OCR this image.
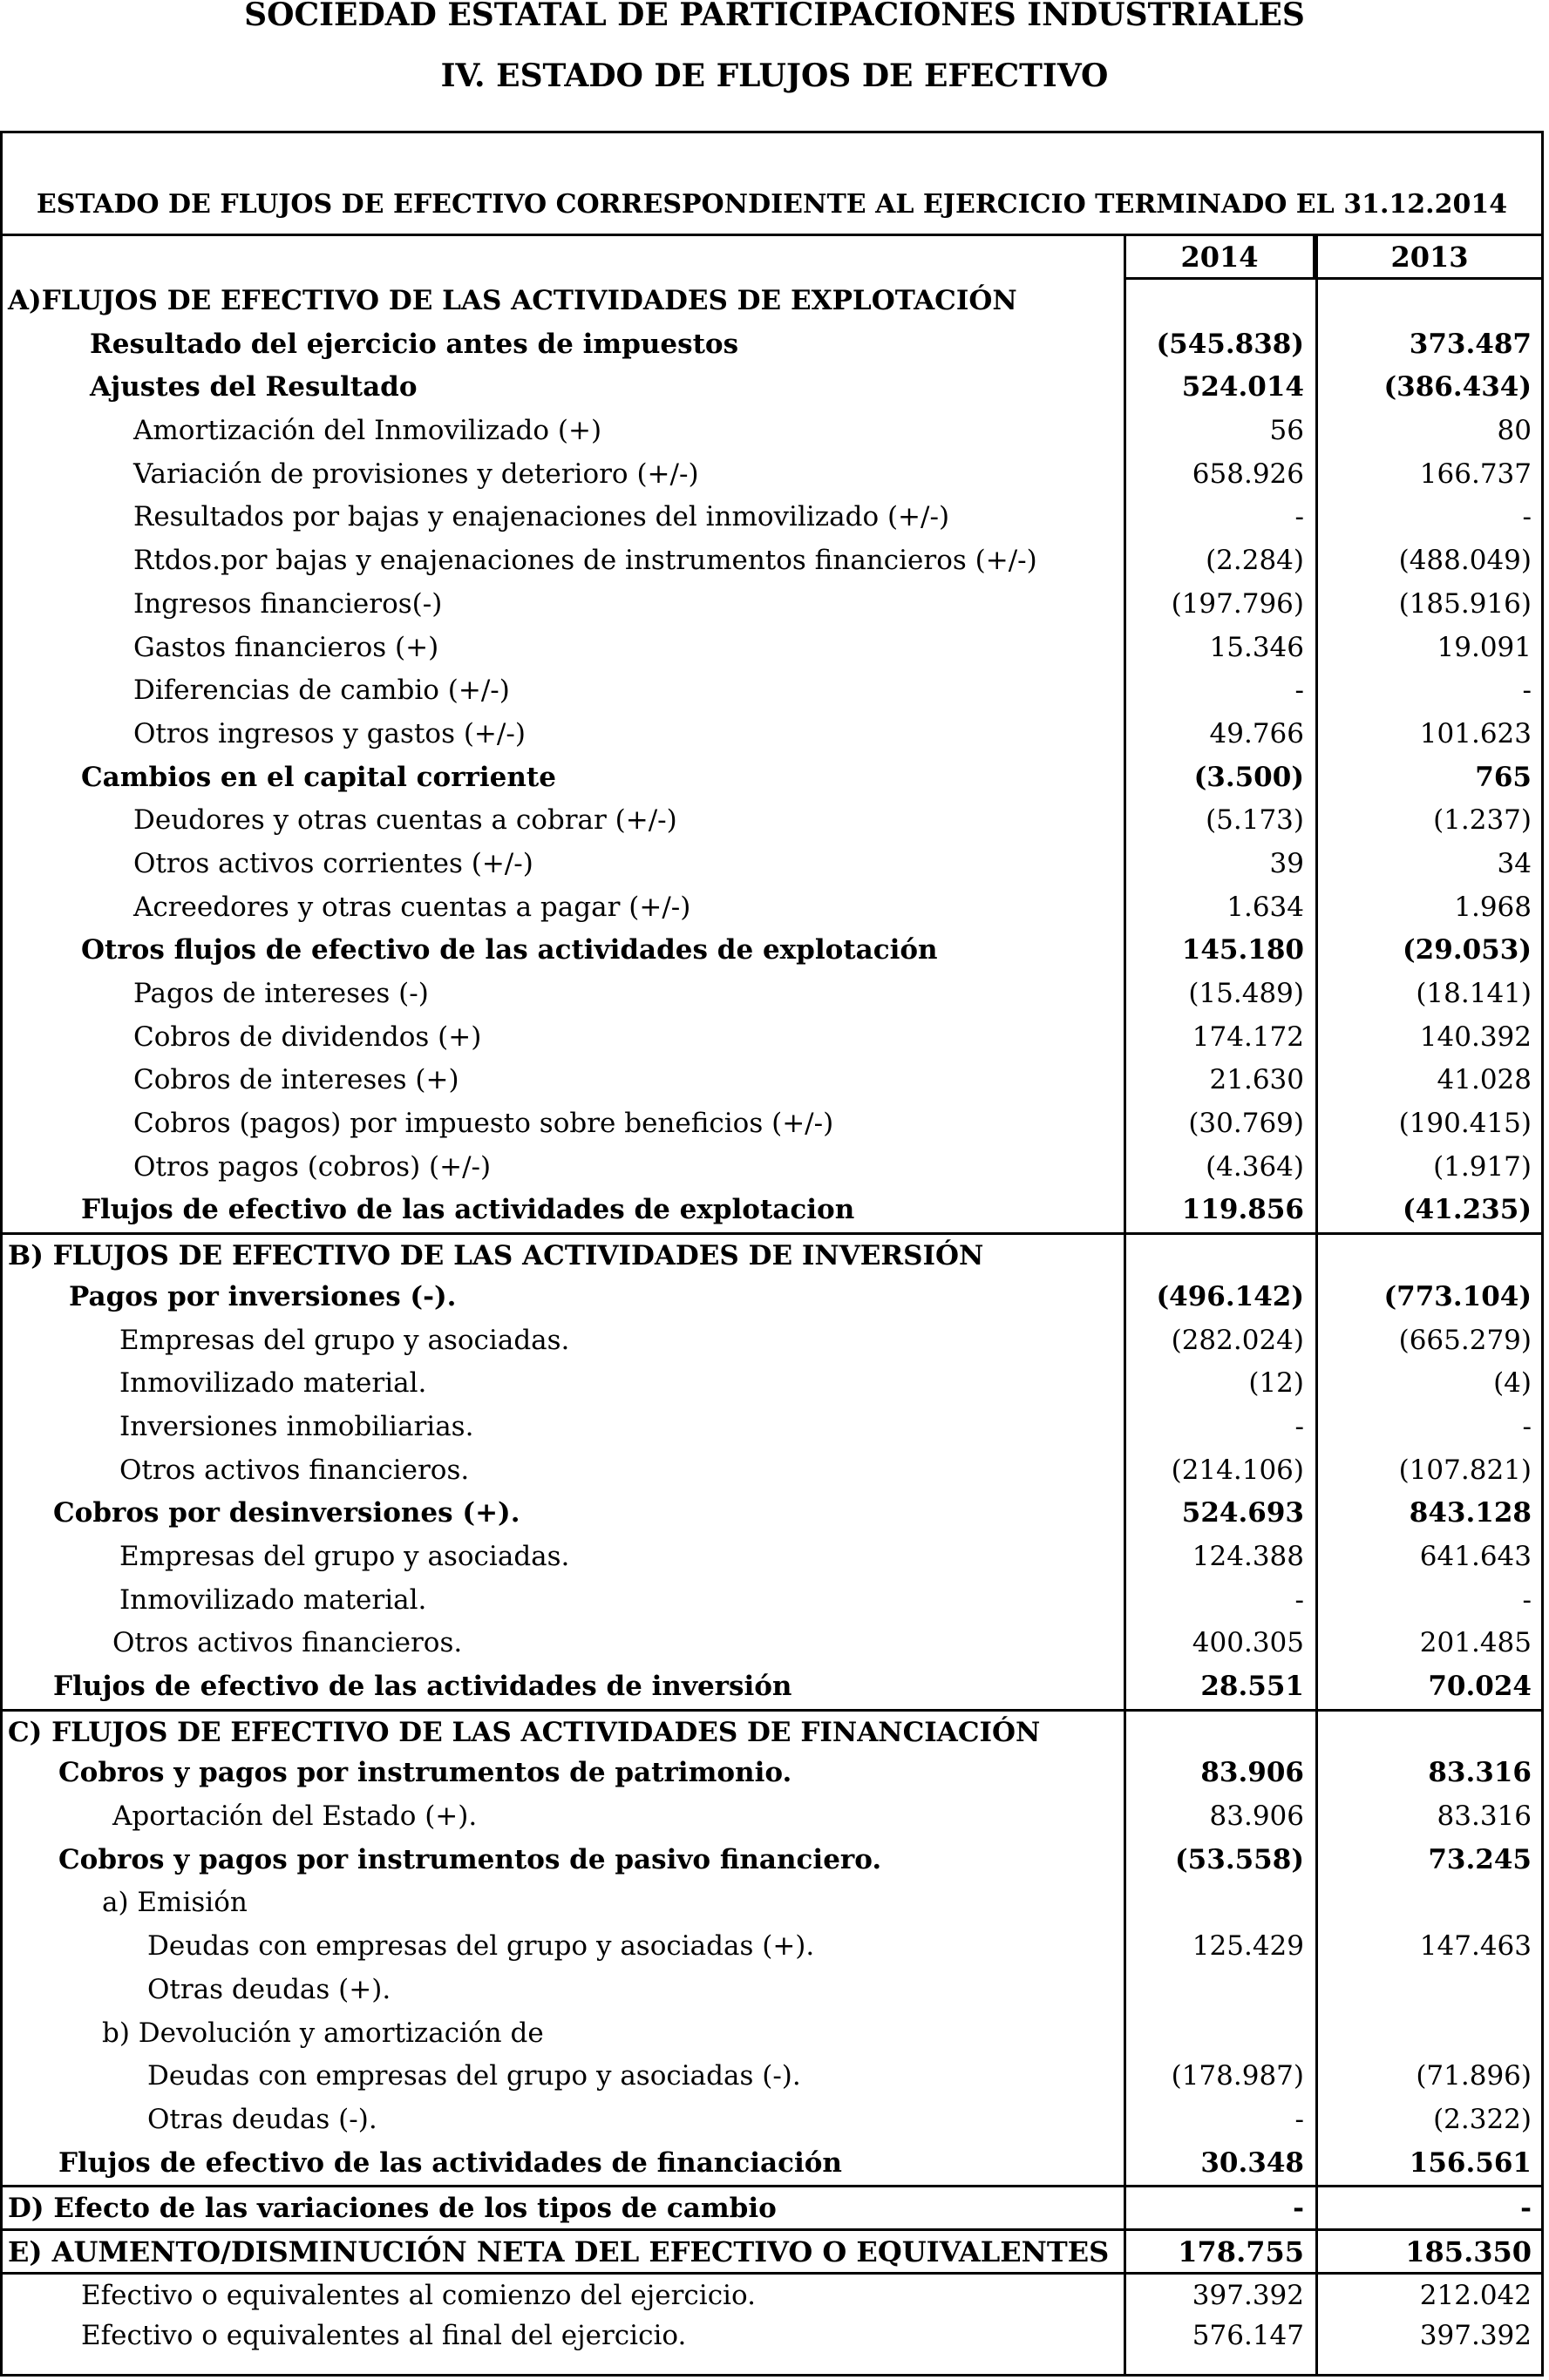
SOCIEDAD ESTATAL DE PARTICIPACIONES INDUSTRIALES
IV. ESTADO DE FLUJOS DE EFECTIVO
ESTADO DE FLUJOS DE EFECTIVO CORRESPONDIENTE AL EJERCICIO TERMINADO EL 31.12.2014
2014	2013
A)FLUJOS DE EFECTIVO DE LAS ACTIVIDADES DE EXPLOTACIÓN
Resultado del ejercicio antes de impuestos	(545.838)	373.487
Ajustes del Resultado	524.014	(386.434)
Amortización del Inmovilizado (+)	56	80
Variación de provisiones y deterioro (+/-)	658.926	166.737
Resultados por bajas y enajenaciones del inmovilizado (+/-)	-	-
Rtdos.por bajas y enajenaciones de instrumentos financieros (+/-)	(2.284)	(488.049)
Ingresos financieros(-)	(197.796)	(185.916)
Gastos financieros (+)	15.346	19.091
Diferencias de cambio (+/-)	-	-
Otros ingresos y gastos (+/-)	49.766	101.623
Cambios en el capital corriente	(3.500)	765
Deudores y otras cuentas a cobrar (+/-)	(5.173)	(1.237)
Otros activos corrientes (+/-)	39	34
Acreedores y otras cuentas a pagar (+/-)	1.634	1.968
Otros flujos de efectivo de las actividades de explotación	145.180	(29.053)
Pagos de intereses (-)	(15.489)	(18.141)
Cobros de dividendos (+)	174.172	140.392
Cobros de intereses (+)	21.630	41.028
Cobros (pagos) por impuesto sobre beneficios (+/-)	(30.769)	(190.415)
Otros pagos (cobros) (+/-)	(4.364)	(1.917)
Flujos de efectivo de las actividades de explotacion	119.856	(41.235)
B) FLUJOS DE EFECTIVO DE LAS ACTIVIDADES DE INVERSIÓN
Pagos por inversiones (-).	(496.142)	(773.104)
Empresas del grupo y asociadas.	(282.024)	(665.279)
Inmovilizado material.	(12)	(4)
Inversiones inmobiliarias.	-	-
Otros activos financieros.	(214.106)	(107.821)
Cobros por desinversiones (+).	524.693	843.128
Empresas del grupo y asociadas.	124.388	641.643
Inmovilizado material.	-	-
Otros activos financieros.	400.305	201.485
Flujos de efectivo de las actividades de inversión	28.551	70.024
C) FLUJOS DE EFECTIVO DE LAS ACTIVIDADES DE FINANCIACIÓN
Cobros y pagos por instrumentos de patrimonio.	83.906	83.316
Aportación del Estado (+).	83.906	83.316
Cobros y pagos por instrumentos de pasivo financiero.	(53.558)	73.245
a) Emisión
Deudas con empresas del grupo y asociadas (+).	125.429	147.463
Otras deudas (+).
b) Devolución y amortización de
Deudas con empresas del grupo y asociadas (-).	(178.987)	(71.896)
Otras deudas (-).	-	(2.322)
Flujos de efectivo de las actividades de financiación	30.348	156.561
D) Efecto de las variaciones de los tipos de cambio	-	-
E) AUMENTO/DISMINUCIÓN NETA DEL EFECTIVO O EQUIVALENTES	178.755	185.350
Efectivo o equivalentes al comienzo del ejercicio.	397.392	212.042
Efectivo o equivalentes al final del ejercicio.	576.147	397.392
